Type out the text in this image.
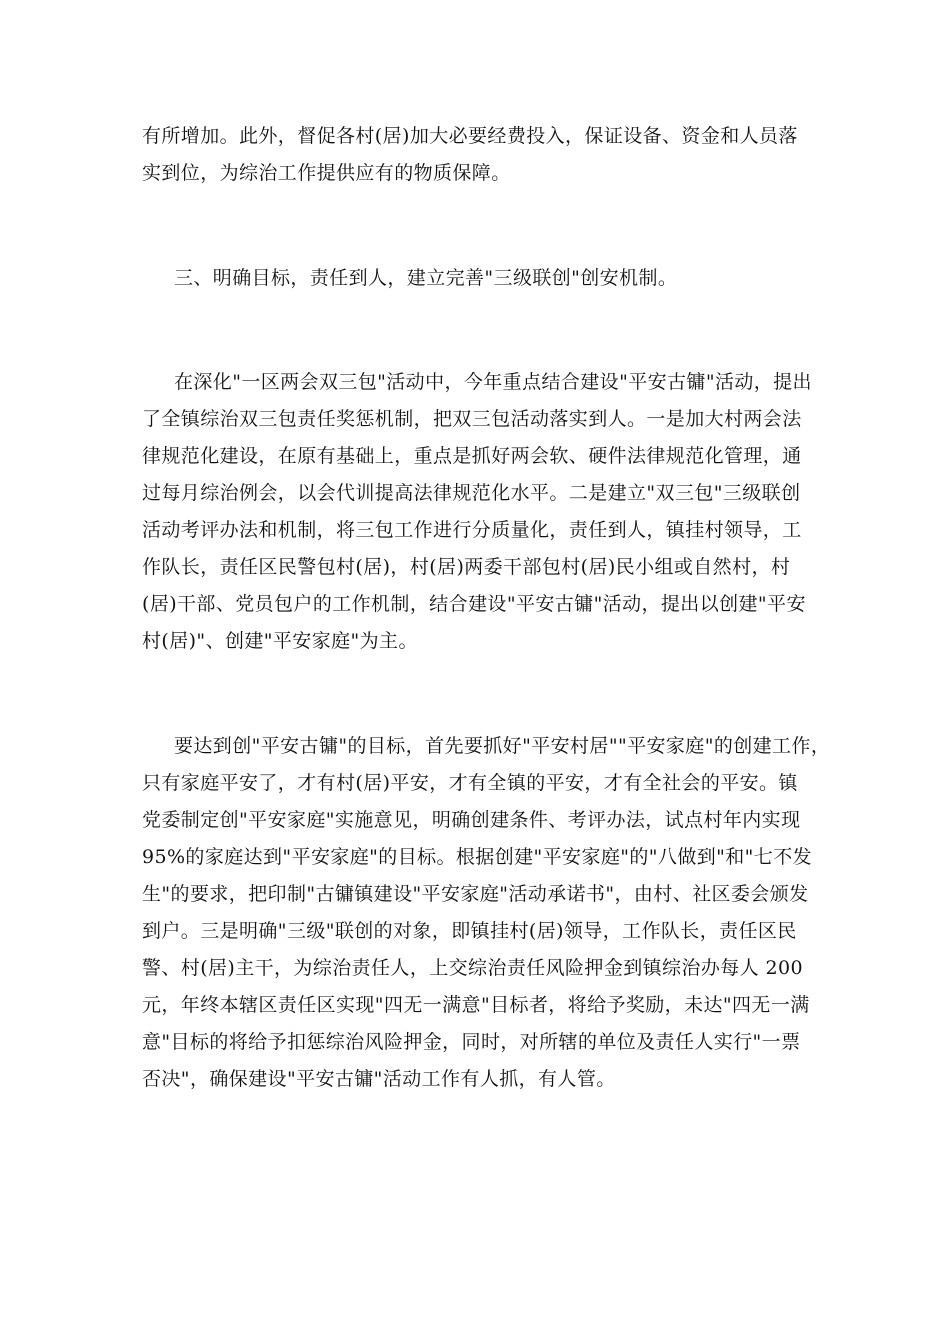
有所增加。此外，督促各村(居)加大必要经费投入，保证设备、资金和人员落
实到位，为综治工作提供应有的物质保障。
三、明确目标，责任到人，建立完善"三级联创"创安机制。
在深化"一区两会双三包"活动中，今年重点结合建设"平安古镛"活动，提出
了全镇综治双三包责任奖惩机制，把双三包活动落实到人。一是加大村两会法
律规范化建设，在原有基础上，重点是抓好两会软、硬件法律规范化管理，通
过每月综治例会，以会代训提高法律规范化水平。二是建立"双三包"三级联创
活动考评办法和机制，将三包工作进行分质量化，责任到人，镇挂村领导，工
作队长，责任区民警包村(居)，村(居)两委干部包村(居)民小组或自然村，村
(居)干部、党员包户的工作机制，结合建设"平安古镛"活动，提出以创建"平安
村(居)"、创建"平安家庭"为主。
要达到创"平安古镛"的目标，首先要抓好"平安村居""平安家庭"的创建工作，
只有家庭平安了，才有村(居)平安，才有全镇的平安，才有全社会的平安。镇
党委制定创"平安家庭"实施意见，明确创建条件、考评办法，试点村年内实现
95%的家庭达到"平安家庭"的目标。根据创建"平安家庭"的"八做到"和"七不发
生"的要求，把印制"古镛镇建设"平安家庭"活动承诺书"，由村、社区委会颁发
到户。三是明确"三级"联创的对象，即镇挂村(居)领导，工作队长，责任区民
警、村(居)主干，为综治责任人，上交综治责任风险押金到镇综治办每人 200
元，年终本辖区责任区实现"四无一满意"目标者，将给予奖励，未达"四无一满
意"目标的将给予扣惩综治风险押金，同时，对所辖的单位及责任人实行"一票
否决"，确保建设"平安古镛"活动工作有人抓，有人管。
